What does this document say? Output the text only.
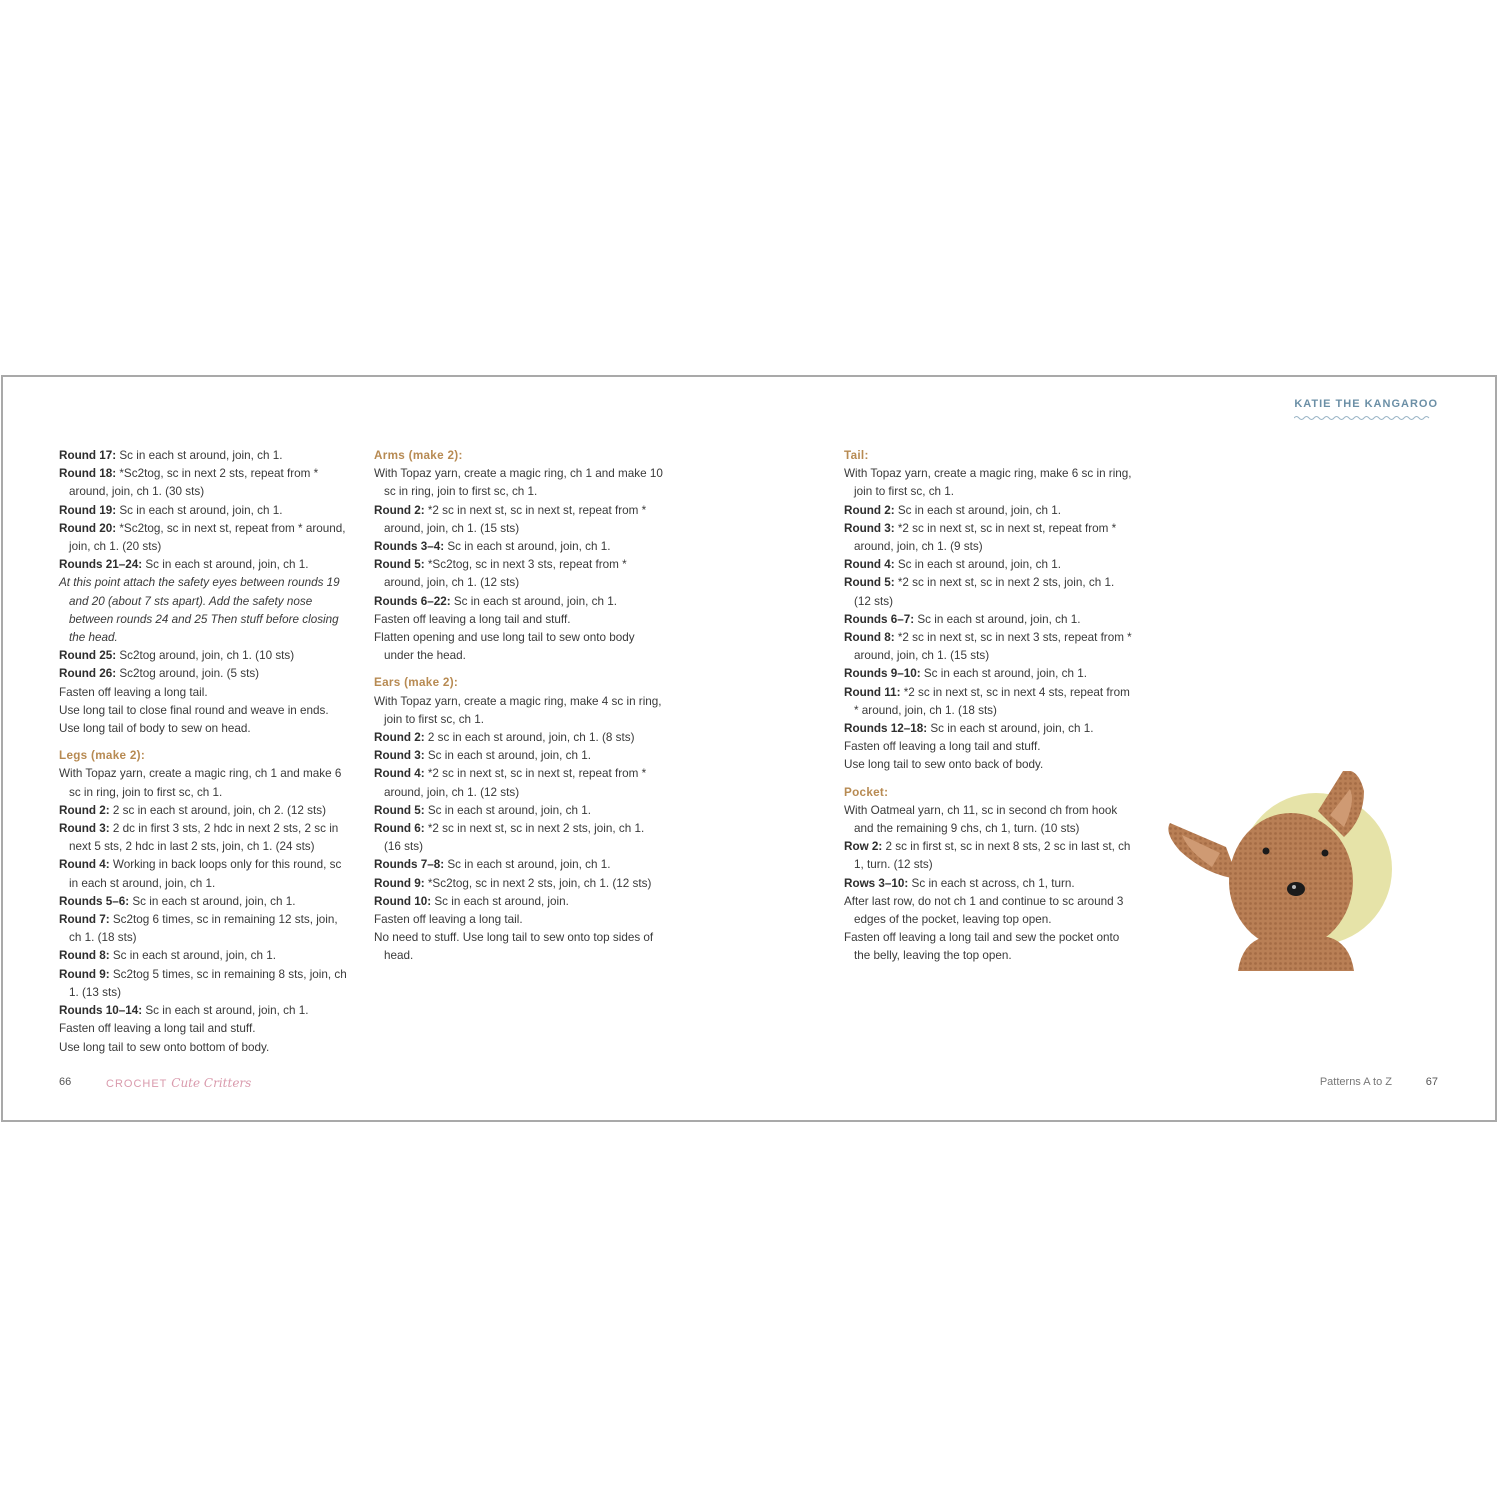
KATIE THE KANGAROO
Round 17: Sc in each st around, join, ch 1.
Round 18: *Sc2tog, sc in next 2 sts, repeat from * around, join, ch 1. (30 sts)
Round 19: Sc in each st around, join, ch 1.
Round 20: *Sc2tog, sc in next st, repeat from * around, join, ch 1. (20 sts)
Rounds 21–24: Sc in each st around, join, ch 1.
At this point attach the safety eyes between rounds 19 and 20 (about 7 sts apart). Add the safety nose between rounds 24 and 25 Then stuff before closing the head.
Round 25: Sc2tog around, join, ch 1. (10 sts)
Round 26: Sc2tog around, join. (5 sts)
Fasten off leaving a long tail.
Use long tail to close final round and weave in ends.
Use long tail of body to sew on head.
Legs (make 2):
With Topaz yarn, create a magic ring, ch 1 and make 6 sc in ring, join to first sc, ch 1.
Round 2: 2 sc in each st around, join, ch 2. (12 sts)
Round 3: 2 dc in first 3 sts, 2 hdc in next 2 sts, 2 sc in next 5 sts, 2 hdc in last 2 sts, join, ch 1. (24 sts)
Round 4: Working in back loops only for this round, sc in each st around, join, ch 1.
Rounds 5–6: Sc in each st around, join, ch 1.
Round 7: Sc2tog 6 times, sc in remaining 12 sts, join, ch 1. (18 sts)
Round 8: Sc in each st around, join, ch 1.
Round 9: Sc2tog 5 times, sc in remaining 8 sts, join, ch 1. (13 sts)
Rounds 10–14: Sc in each st around, join, ch 1.
Fasten off leaving a long tail and stuff.
Use long tail to sew onto bottom of body.
Arms (make 2):
With Topaz yarn, create a magic ring, ch 1 and make 10 sc in ring, join to first sc, ch 1.
Round 2: *2 sc in next st, sc in next st, repeat from * around, join, ch 1. (15 sts)
Rounds 3–4: Sc in each st around, join, ch 1.
Round 5: *Sc2tog, sc in next 3 sts, repeat from * around, join, ch 1. (12 sts)
Rounds 6–22: Sc in each st around, join, ch 1.
Fasten off leaving a long tail and stuff.
Flatten opening and use long tail to sew onto body under the head.
Ears (make 2):
With Topaz yarn, create a magic ring, make 4 sc in ring, join to first sc, ch 1.
Round 2: 2 sc in each st around, join, ch 1. (8 sts)
Round 3: Sc in each st around, join, ch 1.
Round 4: *2 sc in next st, sc in next st, repeat from * around, join, ch 1. (12 sts)
Round 5: Sc in each st around, join, ch 1.
Round 6: *2 sc in next st, sc in next 2 sts, join, ch 1. (16 sts)
Rounds 7–8: Sc in each st around, join, ch 1.
Round 9: *Sc2tog, sc in next 2 sts, join, ch 1. (12 sts)
Round 10: Sc in each st around, join.
Fasten off leaving a long tail.
No need to stuff. Use long tail to sew onto top sides of head.
Tail:
With Topaz yarn, create a magic ring, make 6 sc in ring, join to first sc, ch 1.
Round 2: Sc in each st around, join, ch 1.
Round 3: *2 sc in next st, sc in next st, repeat from * around, join, ch 1. (9 sts)
Round 4: Sc in each st around, join, ch 1.
Round 5: *2 sc in next st, sc in next 2 sts, join, ch 1. (12 sts)
Rounds 6–7: Sc in each st around, join, ch 1.
Round 8: *2 sc in next st, sc in next 3 sts, repeat from * around, join, ch 1. (15 sts)
Rounds 9–10: Sc in each st around, join, ch 1.
Round 11: *2 sc in next st, sc in next 4 sts, repeat from * around, join, ch 1. (18 sts)
Rounds 12–18: Sc in each st around, join, ch 1.
Fasten off leaving a long tail and stuff.
Use long tail to sew onto back of body.
Pocket:
With Oatmeal yarn, ch 11, sc in second ch from hook and the remaining 9 chs, ch 1, turn. (10 sts)
Row 2: 2 sc in first st, sc in next 8 sts, 2 sc in last st, ch 1, turn. (12 sts)
Rows 3–10: Sc in each st across, ch 1, turn.
After last row, do not ch 1 and continue to sc around 3 edges of the pocket, leaving top open.
Fasten off leaving a long tail and sew the pocket onto the belly, leaving the top open.
66	CROCHET Cute Critters	Patterns A to Z	67
